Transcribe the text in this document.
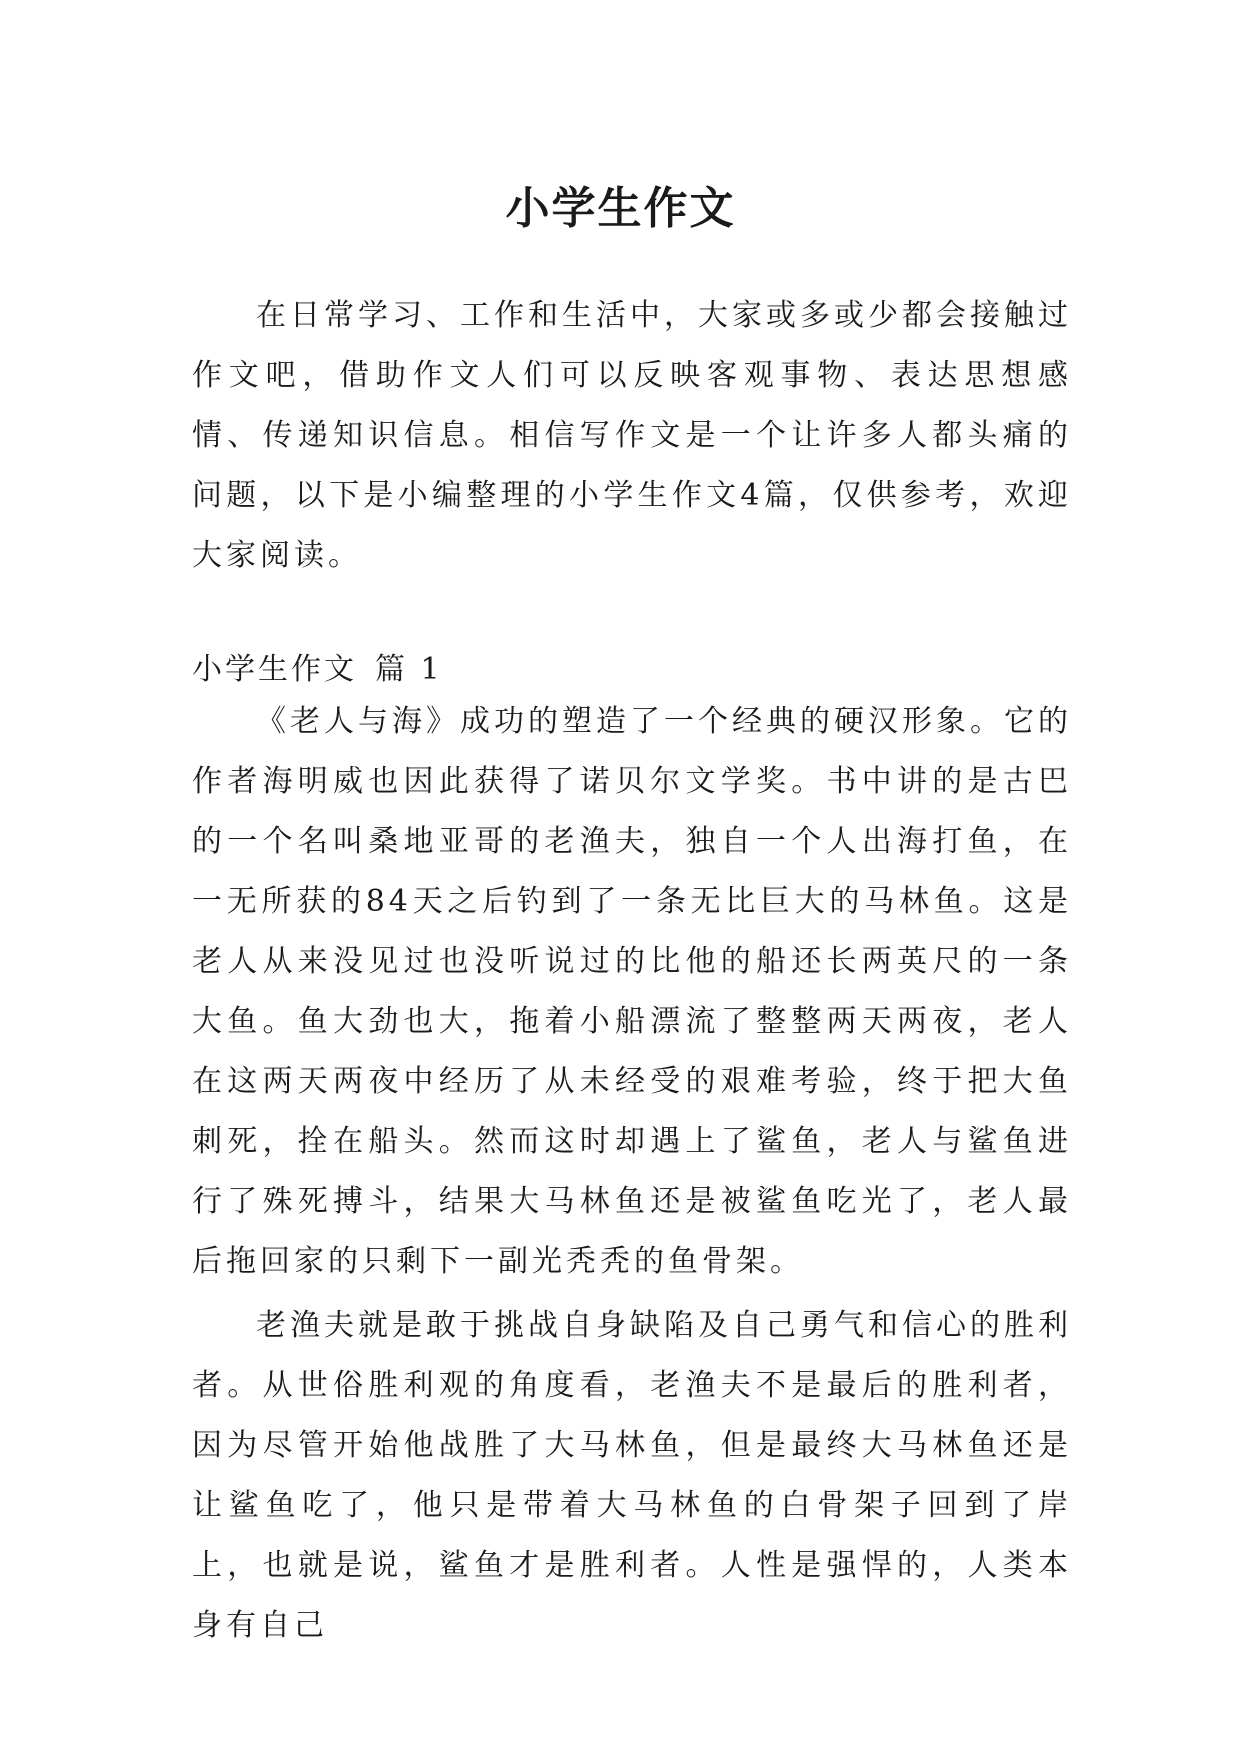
小学生作文

在日常学习、工作和生活中，大家或多或少都会接触过作文吧，借助作文人们可以反映客观事物、表达思想感情、传递知识信息。相信写作文是一个让许多人都头痛的问题，以下是小编整理的小学生作文4篇，仅供参考，欢迎大家阅读。

小学生作文 篇 1

《老人与海》成功的塑造了一个经典的硬汉形象。它的作者海明威也因此获得了诺贝尔文学奖。书中讲的是古巴的一个名叫桑地亚哥的老渔夫，独自一个人出海打鱼，在一无所获的84天之后钓到了一条无比巨大的马林鱼。这是老人从来没见过也没听说过的比他的船还长两英尺的一条大鱼。鱼大劲也大，拖着小船漂流了整整两天两夜，老人在这两天两夜中经历了从未经受的艰难考验，终于把大鱼刺死，拴在船头。然而这时却遇上了鲨鱼，老人与鲨鱼进行了殊死搏斗，结果大马林鱼还是被鲨鱼吃光了，老人最后拖回家的只剩下一副光秃秃的鱼骨架。

老渔夫就是敢于挑战自身缺陷及自己勇气和信心的胜利者。从世俗胜利观的角度看，老渔夫不是最后的胜利者，因为尽管开始他战胜了大马林鱼，但是最终大马林鱼还是让鲨鱼吃了，他只是带着大马林鱼的白骨架子回到了岸上，也就是说，鲨鱼才是胜利者。人性是强悍的，人类本身有自己
